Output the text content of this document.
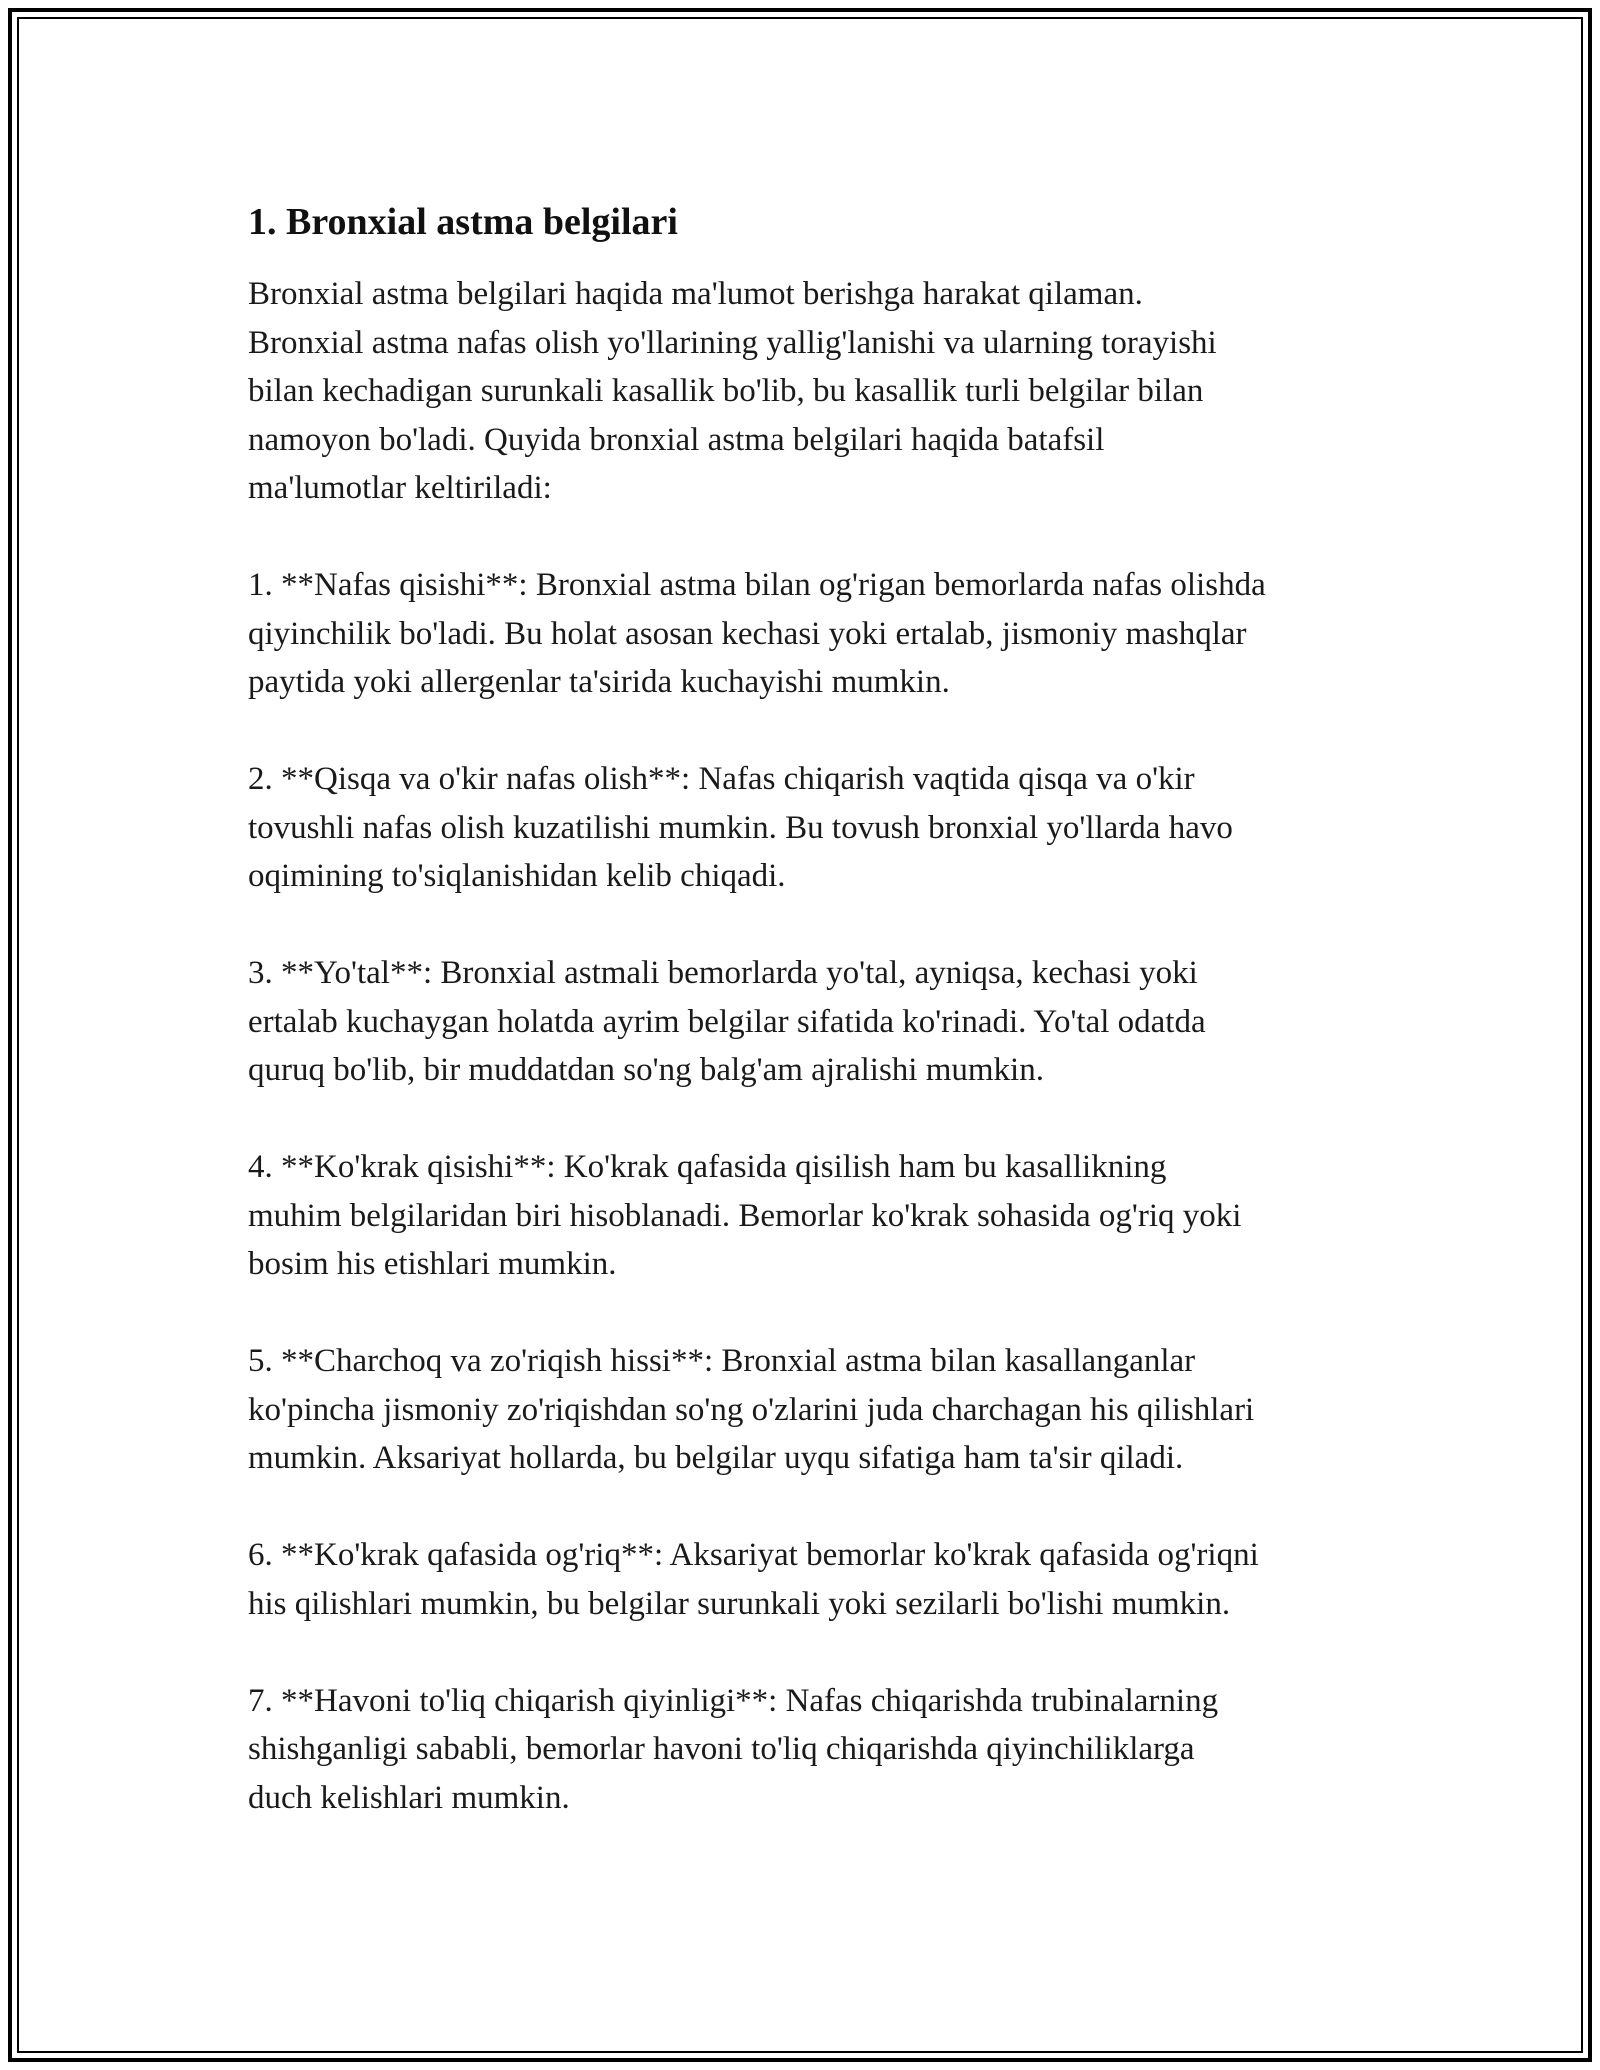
1. Bronxial astma belgilari
Bronxial astma belgilari haqida ma'lumot berishga harakat qilaman.
Bronxial astma nafas olish yo'llarining yallig'lanishi va ularning torayishi
bilan kechadigan surunkali kasallik bo'lib, bu kasallik turli belgilar bilan
namoyon bo'ladi. Quyida bronxial astma belgilari haqida batafsil
ma'lumotlar keltiriladi:
1. **Nafas qisishi**: Bronxial astma bilan og'rigan bemorlarda nafas olishda
qiyinchilik bo'ladi. Bu holat asosan kechasi yoki ertalab, jismoniy mashqlar
paytida yoki allergenlar ta'sirida kuchayishi mumkin.
2. **Qisqa va o'kir nafas olish**: Nafas chiqarish vaqtida qisqa va o'kir
tovushli nafas olish kuzatilishi mumkin. Bu tovush bronxial yo'llarda havo
oqimining to'siqlanishidan kelib chiqadi.
3. **Yo'tal**: Bronxial astmali bemorlarda yo'tal, ayniqsa, kechasi yoki
ertalab kuchaygan holatda ayrim belgilar sifatida ko'rinadi. Yo'tal odatda
quruq bo'lib, bir muddatdan so'ng balg'am ajralishi mumkin.
4. **Ko'krak qisishi**: Ko'krak qafasida qisilish ham bu kasallikning
muhim belgilaridan biri hisoblanadi. Bemorlar ko'krak sohasida og'riq yoki
bosim his etishlari mumkin.
5. **Charchoq va zo'riqish hissi**: Bronxial astma bilan kasallanganlar
ko'pincha jismoniy zo'riqishdan so'ng o'zlarini juda charchagan his qilishlari
mumkin. Aksariyat hollarda, bu belgilar uyqu sifatiga ham ta'sir qiladi.
6. **Ko'krak qafasida og'riq**: Aksariyat bemorlar ko'krak qafasida og'riqni
his qilishlari mumkin, bu belgilar surunkali yoki sezilarli bo'lishi mumkin.
7. **Havoni to'liq chiqarish qiyinligi**: Nafas chiqarishda trubinalarning
shishganligi sababli, bemorlar havoni to'liq chiqarishda qiyinchiliklarga
duch kelishlari mumkin.
